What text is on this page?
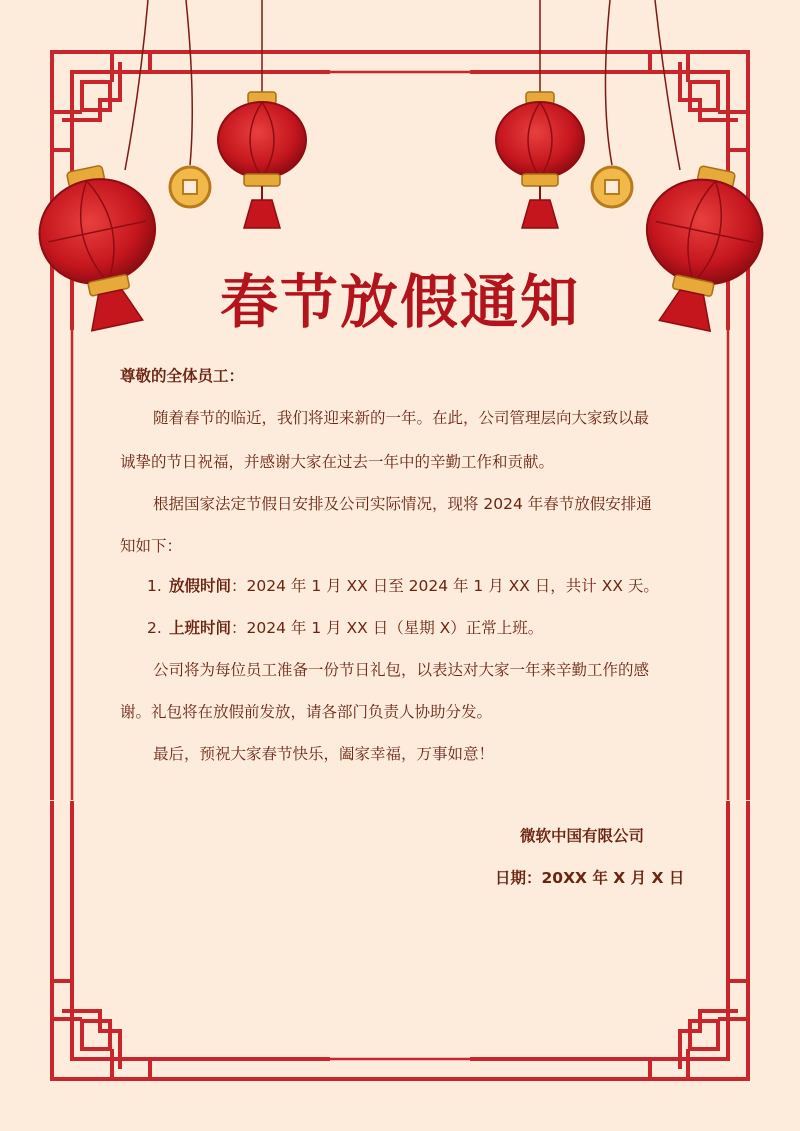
春节放假通知
尊敬的全体员工：
随着春节的临近，我们将迎来新的一年。在此，公司管理层向大家致以最
诚挚的节日祝福，并感谢大家在过去一年中的辛勤工作和贡献。
根据国家法定节假日安排及公司实际情况，现将 2024 年春节放假安排通
知如下：
1. 放假时间：2024 年 1 月 XX 日至 2024 年 1 月 XX 日，共计 XX 天。
2. 上班时间：2024 年 1 月 XX 日（星期 X）正常上班。
公司将为每位员工准备一份节日礼包，以表达对大家一年来辛勤工作的感
谢。礼包将在放假前发放，请各部门负责人协助分发。
最后，预祝大家春节快乐，阖家幸福，万事如意！
微软中国有限公司
日期：20XX 年 X 月 X 日
